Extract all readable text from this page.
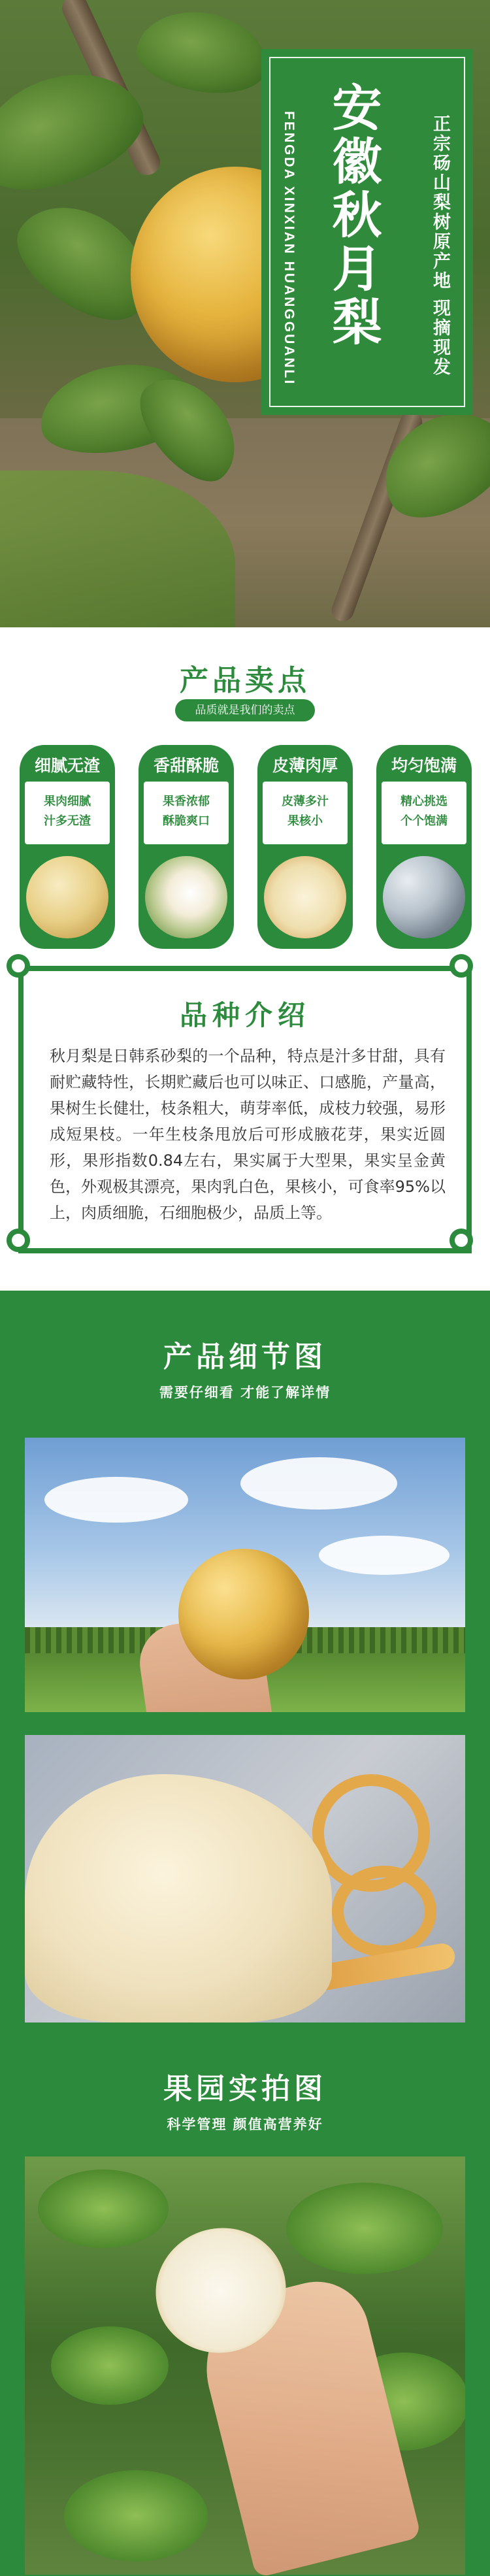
FENGDA XINXIAN HUANGGUANLI 安徽秋月梨	正宗砀山梨树原产地 现摘现发
产品卖点
品质就是我们的卖点
细腻无渣
果肉细腻
汁多无渣
香甜酥脆
果香浓郁
酥脆爽口
皮薄肉厚
皮薄多汁
果核小
均匀饱满
精心挑选
个个饱满
品种介绍
秋月梨是日韩系砂梨的一个品种，特点是汁多甘甜，具有耐贮藏特性，长期贮藏后也可以味正、口感脆，产量高，果树生长健壮，枝条粗大，萌芽率低，成枝力较强，易形成短果枝。一年生枝条甩放后可形成腋花芽，果实近圆形，果形指数0.84左右，果实属于大型果，果实呈金黄色，外观极其漂亮，果肉乳白色，果核小，可食率95%以上，肉质细脆，石细胞极少，品质上等。
产品细节图
需要仔细看 才能了解详情
果园实拍图
科学管理 颜值高营养好
